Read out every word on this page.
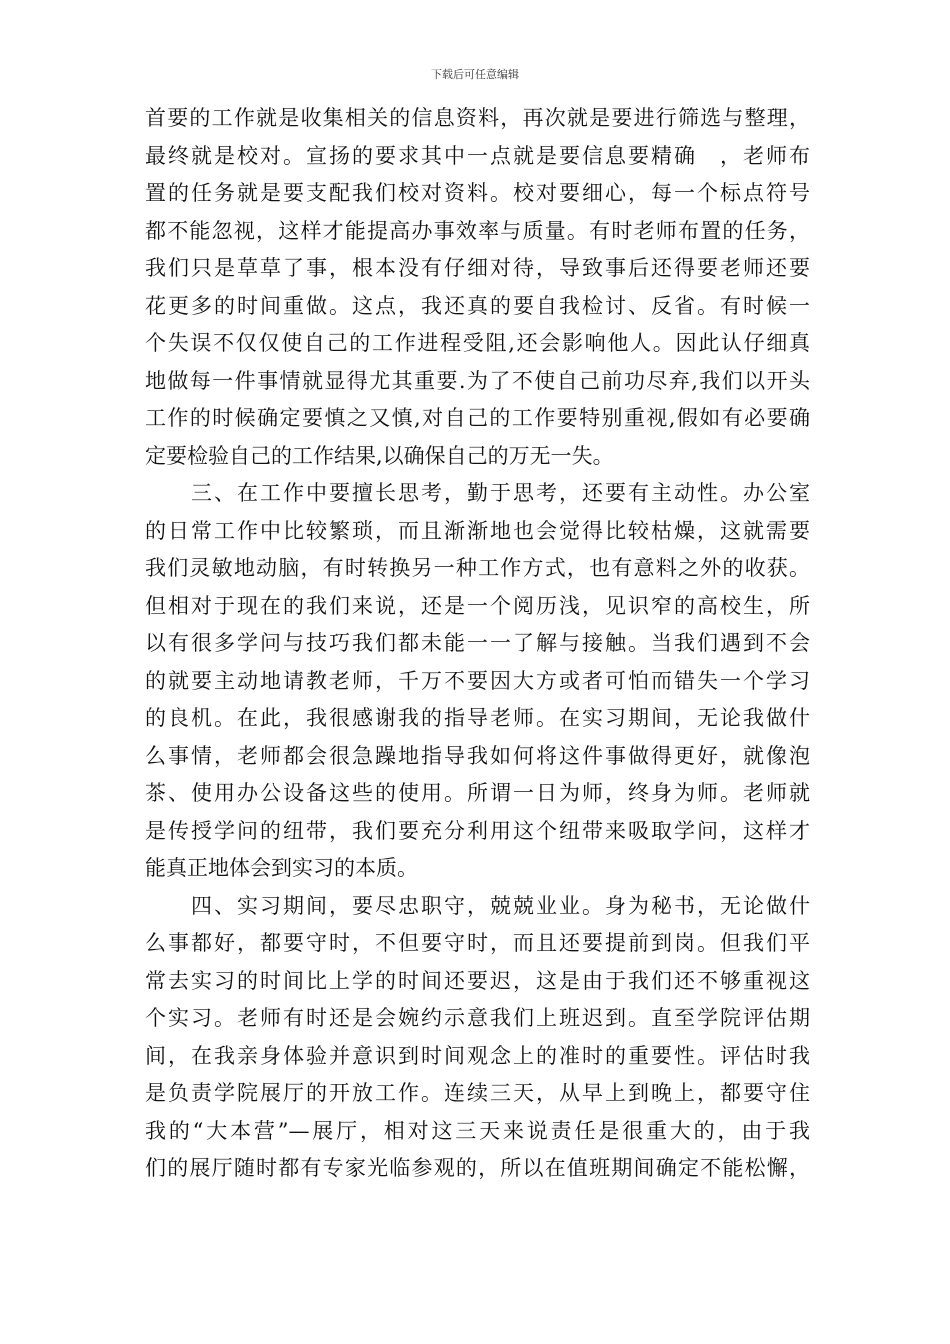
下载后可任意编辑
首要的工作就是收集相关的信息资料，再次就是要进行筛选与整理，
最终就是校对。宣扬的要求其中一点就是要信息要精确　，老师布
置的任务就是要支配我们校对资料。校对要细心，每一个标点符号
都不能忽视，这样才能提高办事效率与质量。有时老师布置的任务，
我们只是草草了事，根本没有仔细对待，导致事后还得要老师还要
花更多的时间重做。这点，我还真的要自我检讨、反省。有时候一
个失误不仅仅使自己的工作进程受阻,还会影响他人。因此认仔细真
地做每一件事情就显得尤其重要.为了不使自己前功尽弃,我们以开头
工作的时候确定要慎之又慎,对自己的工作要特别重视,假如有必要确
定要检验自己的工作结果,以确保自己的万无一失。
　　三、在工作中要擅长思考，勤于思考，还要有主动性。办公室
的日常工作中比较繁琐，而且渐渐地也会觉得比较枯燥，这就需要
我们灵敏地动脑，有时转换另一种工作方式，也有意料之外的收获。
但相对于现在的我们来说，还是一个阅历浅，见识窄的高校生，所
以有很多学问与技巧我们都未能一一了解与接触。当我们遇到不会
的就要主动地请教老师，千万不要因大方或者可怕而错失一个学习
的良机。在此，我很感谢我的指导老师。在实习期间，无论我做什
么事情，老师都会很急躁地指导我如何将这件事做得更好，就像泡
茶、使用办公设备这些的使用。所谓一日为师，终身为师。老师就
是传授学问的纽带，我们要充分利用这个纽带来吸取学问，这样才
能真正地体会到实习的本质。
　　四、实习期间，要尽忠职守，兢兢业业。身为秘书，无论做什
么事都好，都要守时，不但要守时，而且还要提前到岗。但我们平
常去实习的时间比上学的时间还要迟，这是由于我们还不够重视这
个实习。老师有时还是会婉约示意我们上班迟到。直至学院评估期
间，在我亲身体验并意识到时间观念上的准时的重要性。评估时我
是负责学院展厅的开放工作。连续三天，从早上到晚上，都要守住
我的“大本营”—展厅，相对这三天来说责任是很重大的，由于我
们的展厅随时都有专家光临参观的，所以在值班期间确定不能松懈，
